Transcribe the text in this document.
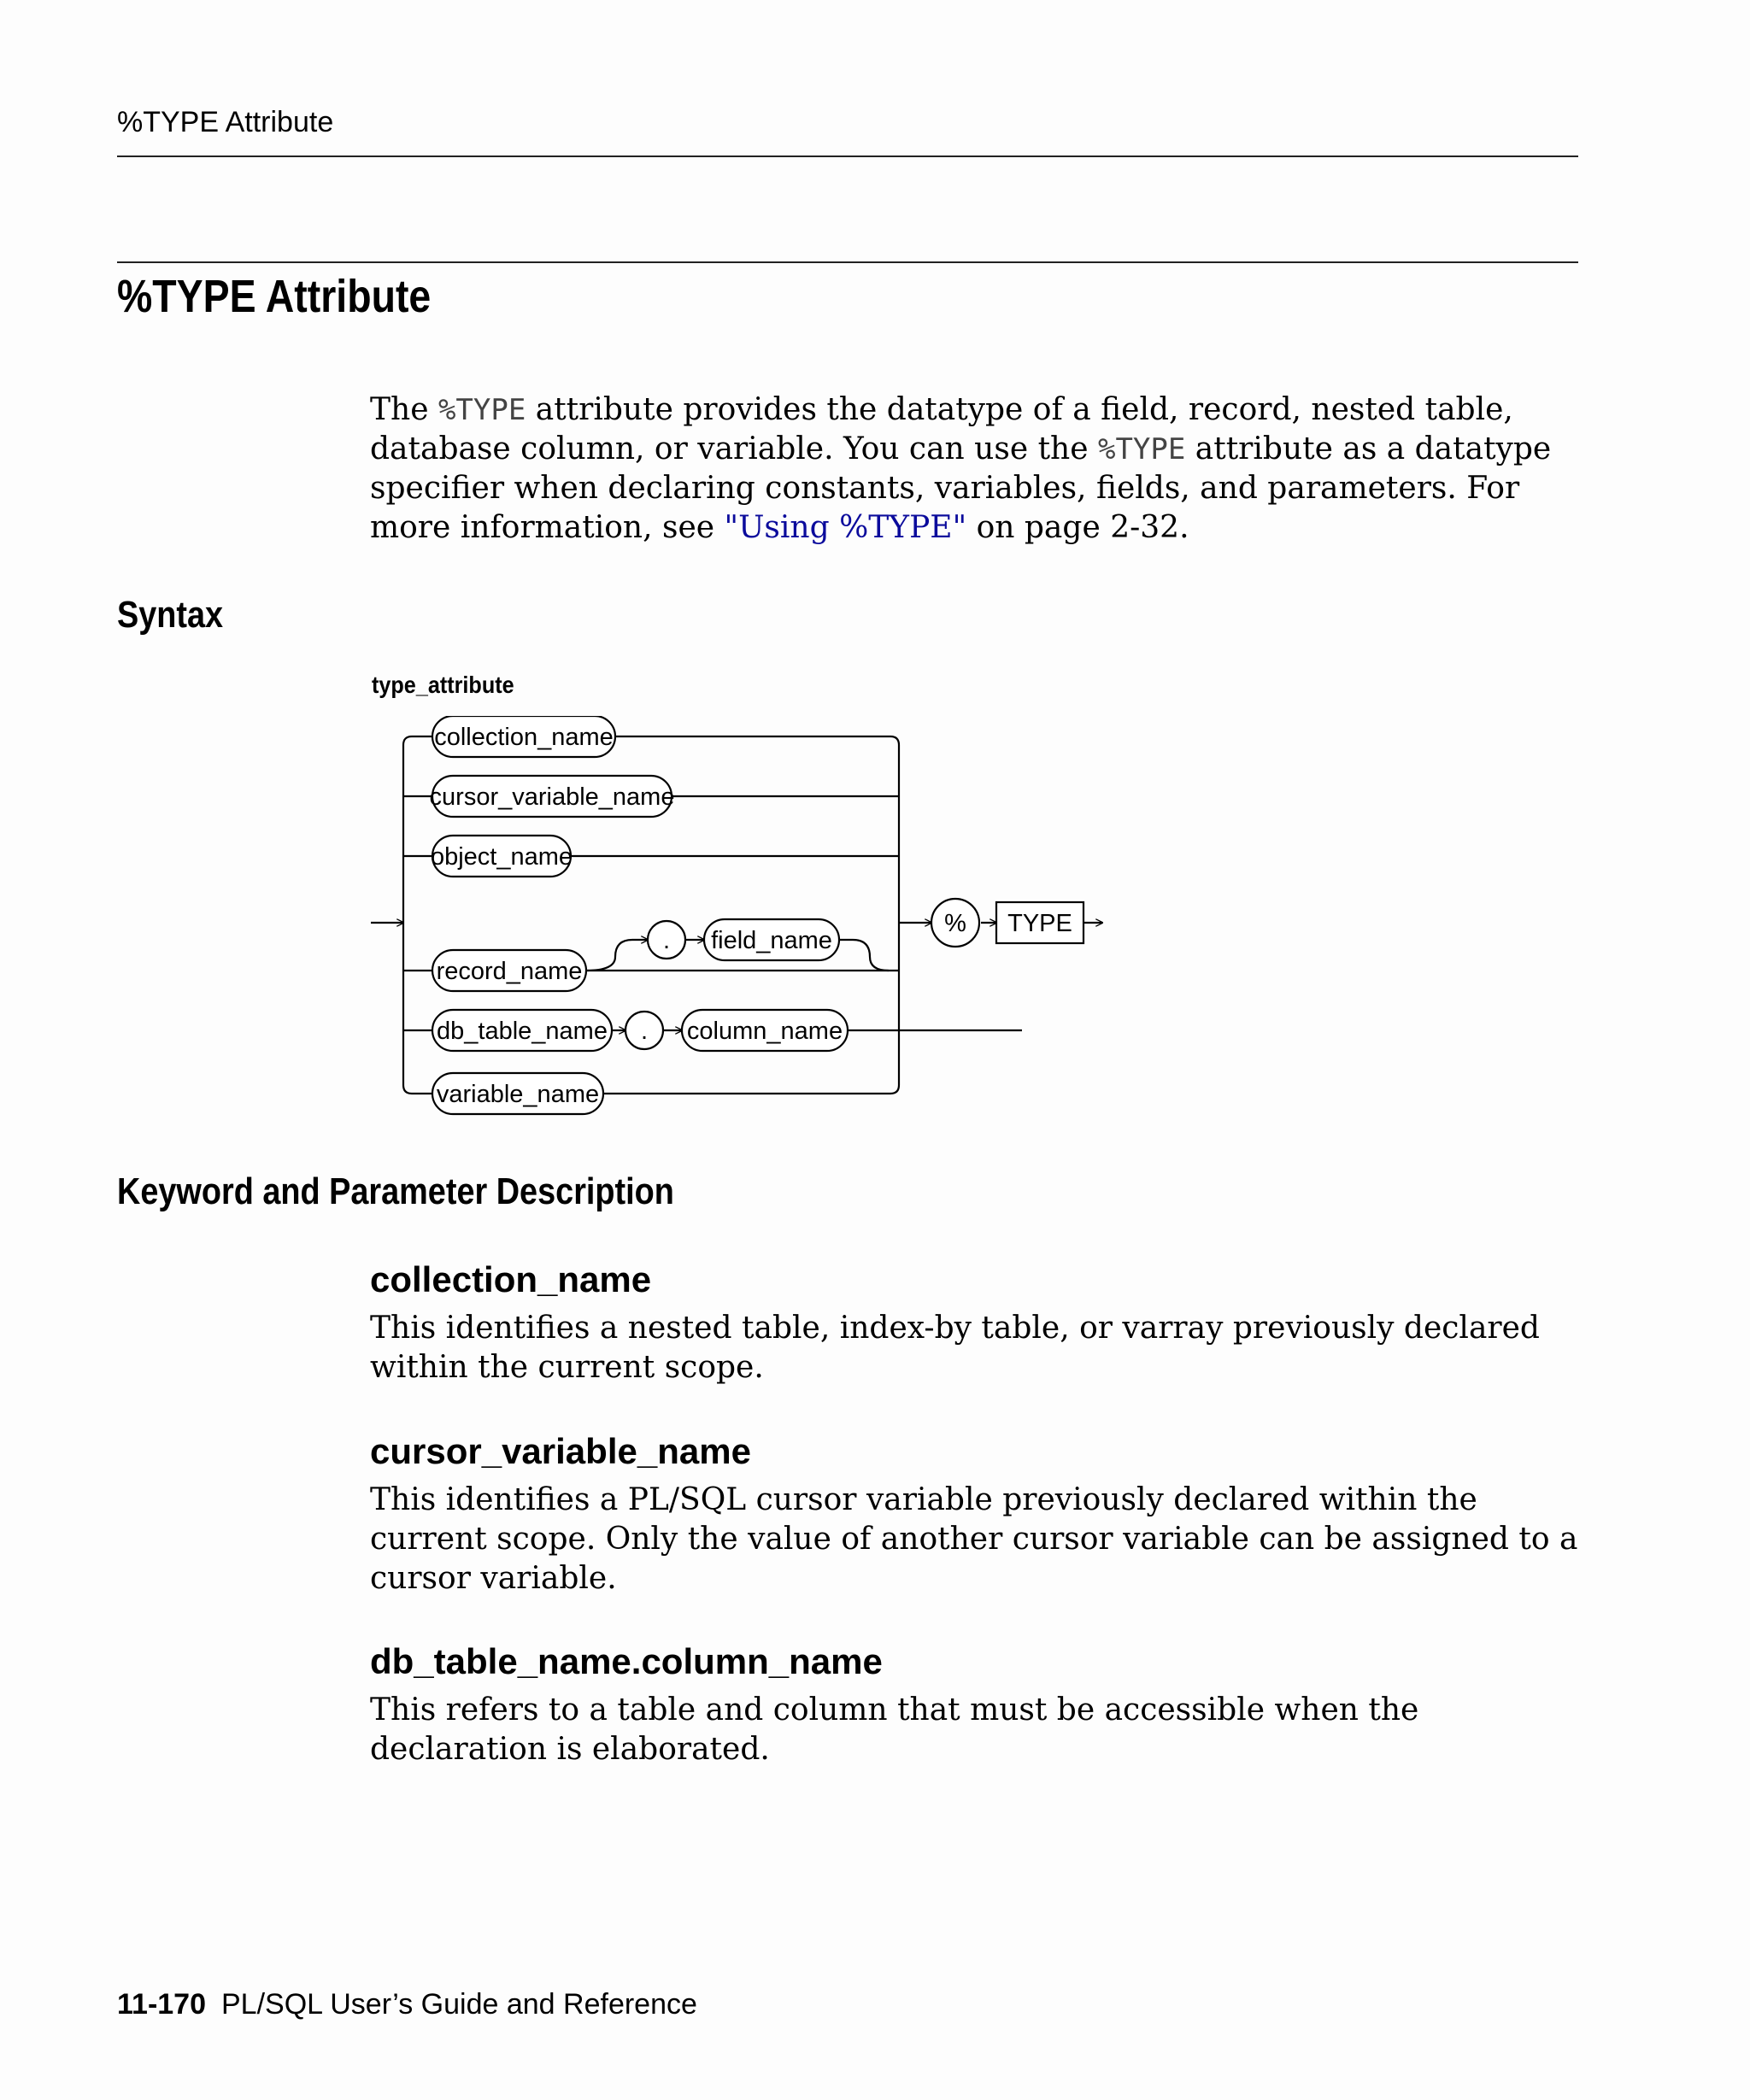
%TYPE Attribute
%TYPE Attribute

The %TYPE attribute provides the datatype of a field, record, nested table, database column, or variable. You can use the %TYPE attribute as a datatype specifier when declaring constants, variables, fields, and parameters. For more information, see "Using %TYPE" on page 2-32.

Syntax
type_attribute
collection_name
cursor_variable_name
object_name
record_name
. field_name
db_table_name . column_name
variable_name
% TYPE
Keyword and Parameter Description
collection_name

This identifies a nested table, index-by table, or varray previously declared within the current scope.

cursor_variable_name

This identifies a PL/SQL cursor variable previously declared within the current scope. Only the value of another cursor variable can be assigned to a cursor variable.

db_table_name.column_name

This refers to a table and column that must be accessible when the declaration is elaborated.

11-170 PL/SQL User’s Guide and Reference
